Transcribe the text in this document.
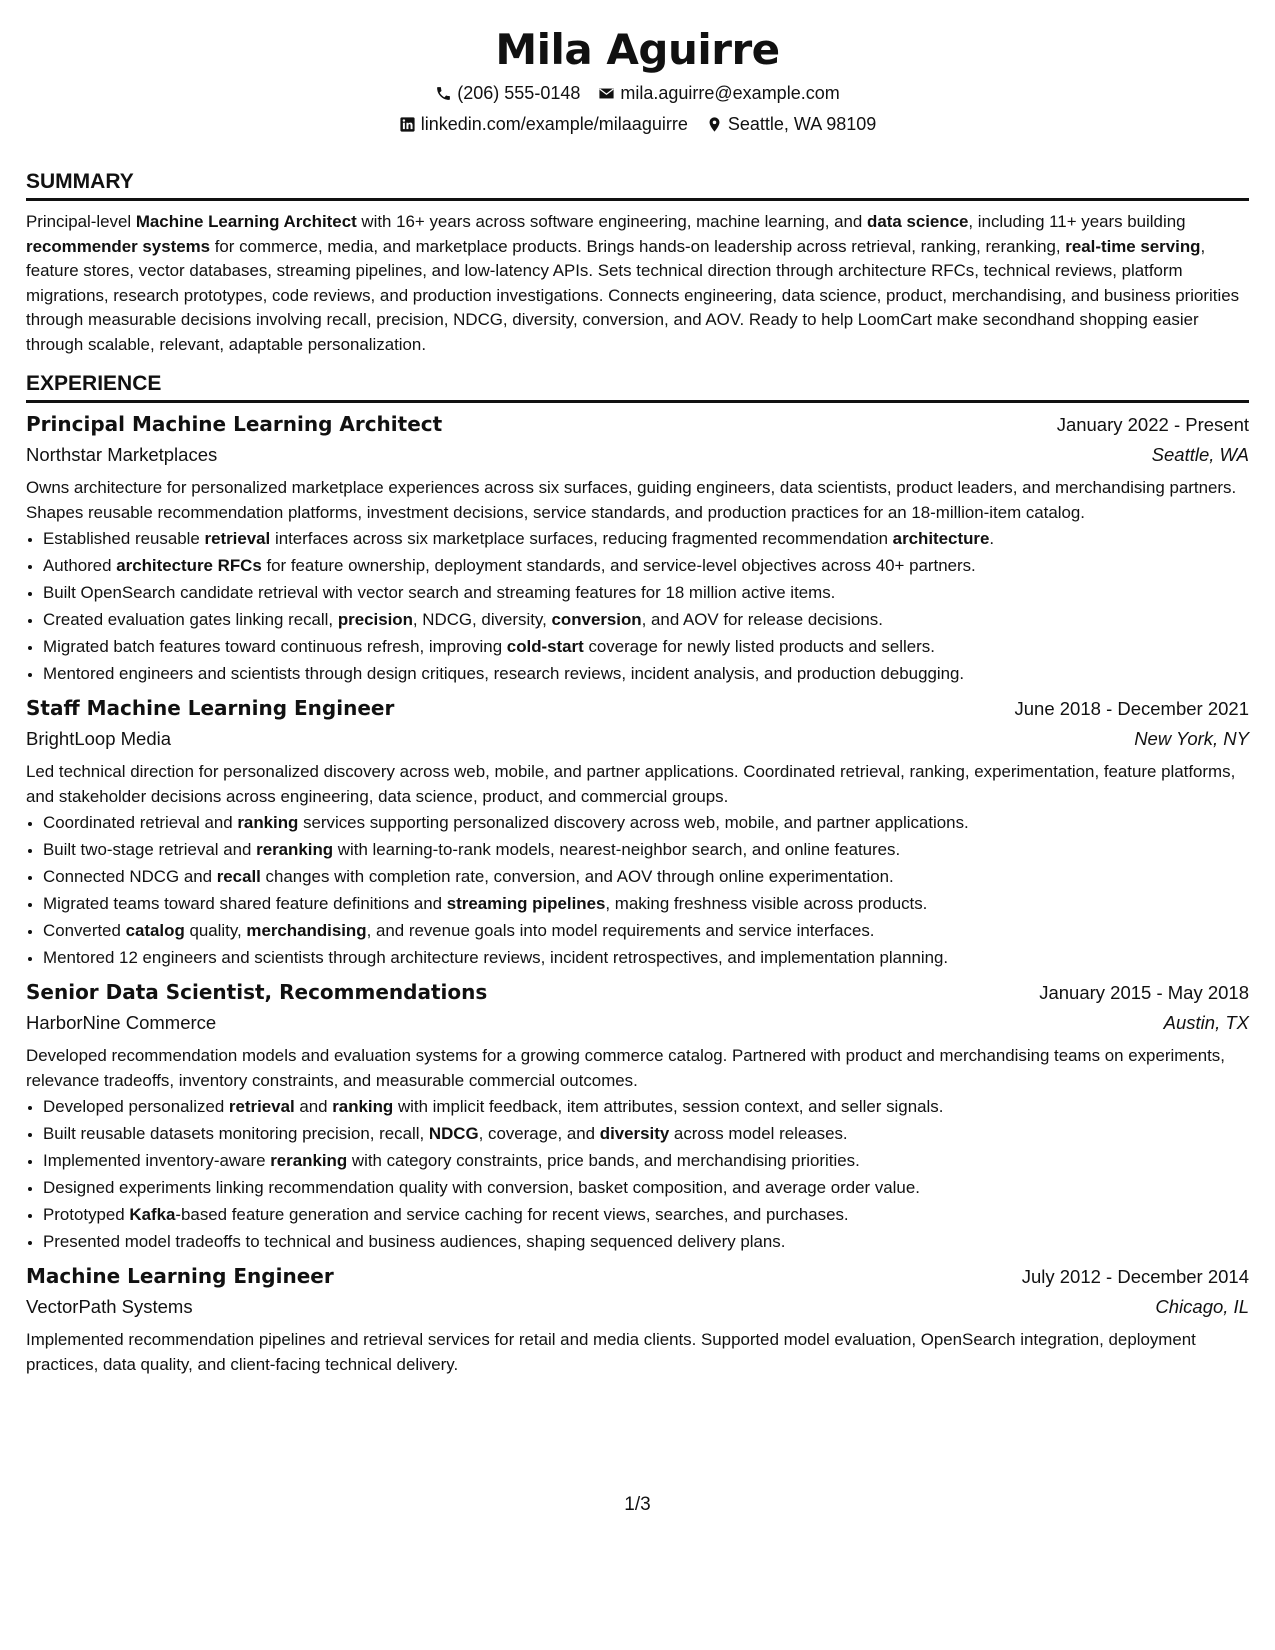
Mila Aguirre
(206) 555-0148 mila.aguirre@example.com
linkedin.com/example/milaaguirre Seattle, WA 98109
SUMMARY

Principal-level Machine Learning Architect with 16+ years across software engineering, machine learning, and data science, including 11+ years building recommender systems for commerce, media, and marketplace products. Brings hands-on leadership across retrieval, ranking, reranking, real-time serving, feature stores, vector databases, streaming pipelines, and low-latency APIs. Sets technical direction through architecture RFCs, technical reviews, platform migrations, research prototypes, code reviews, and production investigations. Connects engineering, data science, product, merchandising, and business priorities through measurable decisions involving recall, precision, NDCG, diversity, conversion, and AOV. Ready to help LoomCart make secondhand shopping easier through scalable, relevant, adaptable personalization.

EXPERIENCE
Principal Machine Learning Architect	January 2022 - Present
Northstar Marketplaces	Seattle, WA

Owns architecture for personalized marketplace experiences across six surfaces, guiding engineers, data scientists, product leaders, and merchandising partners. Shapes reusable recommendation platforms, investment decisions, service standards, and production practices for an 18-million-item catalog.

• Established reusable retrieval interfaces across six marketplace surfaces, reducing fragmented recommendation architecture.
• Authored architecture RFCs for feature ownership, deployment standards, and service-level objectives across 40+ partners.
• Built OpenSearch candidate retrieval with vector search and streaming features for 18 million active items.
• Created evaluation gates linking recall, precision, NDCG, diversity, conversion, and AOV for release decisions.
• Migrated batch features toward continuous refresh, improving cold-start coverage for newly listed products and sellers.
• Mentored engineers and scientists through design critiques, research reviews, incident analysis, and production debugging.
Staff Machine Learning Engineer	June 2018 - December 2021
BrightLoop Media	New York, NY

Led technical direction for personalized discovery across web, mobile, and partner applications. Coordinated retrieval, ranking, experimentation, feature platforms, and stakeholder decisions across engineering, data science, product, and commercial groups.

• Coordinated retrieval and ranking services supporting personalized discovery across web, mobile, and partner applications.
• Built two-stage retrieval and reranking with learning-to-rank models, nearest-neighbor search, and online features.
• Connected NDCG and recall changes with completion rate, conversion, and AOV through online experimentation.
• Migrated teams toward shared feature definitions and streaming pipelines, making freshness visible across products.
• Converted catalog quality, merchandising, and revenue goals into model requirements and service interfaces.
• Mentored 12 engineers and scientists through architecture reviews, incident retrospectives, and implementation planning.
Senior Data Scientist, Recommendations	January 2015 - May 2018
HarborNine Commerce	Austin, TX

Developed recommendation models and evaluation systems for a growing commerce catalog. Partnered with product and merchandising teams on experiments, relevance tradeoffs, inventory constraints, and measurable commercial outcomes.

• Developed personalized retrieval and ranking with implicit feedback, item attributes, session context, and seller signals.
• Built reusable datasets monitoring precision, recall, NDCG, coverage, and diversity across model releases.
• Implemented inventory-aware reranking with category constraints, price bands, and merchandising priorities.
• Designed experiments linking recommendation quality with conversion, basket composition, and average order value.
• Prototyped Kafka-based feature generation and service caching for recent views, searches, and purchases.
• Presented model tradeoffs to technical and business audiences, shaping sequenced delivery plans.
Machine Learning Engineer	July 2012 - December 2014
VectorPath Systems	Chicago, IL

Implemented recommendation pipelines and retrieval services for retail and media clients. Supported model evaluation, OpenSearch integration, deployment practices, data quality, and client-facing technical delivery.

1/3
